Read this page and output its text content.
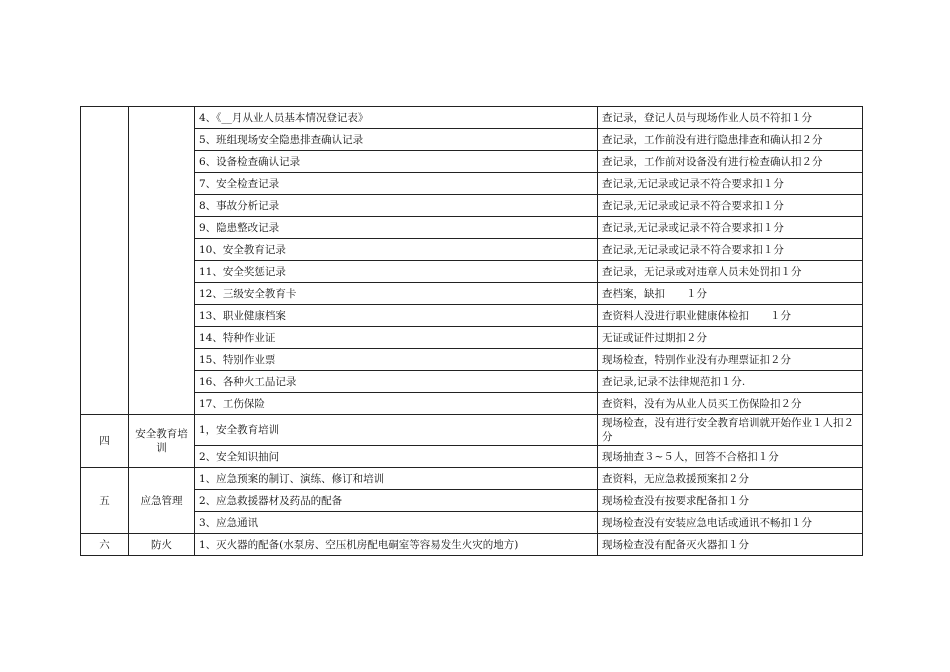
		4、《__月从业人员基本情况登记表》	查记录，登记人员与现场作业人员不符扣１分
		5、班组现场安全隐患排查确认记录	查记录，工作前没有进行隐患排查和确认扣２分
		6、设备检查确认记录	查记录，工作前对设备没有进行检查确认扣２分
		7、安全检查记录	查记录,无记录或记录不符合要求扣１分
		8、事故分析记录	查记录,无记录或记录不符合要求扣１分
		9、隐患整改记录	查记录,无记录或记录不符合要求扣１分
		10、安全教育记录	查记录,无记录或记录不符合要求扣１分
		11、安全奖惩记录	查记录，无记录或对违章人员未处罚扣１分
		12、三级安全教育卡	查档案，缺扣　　１分
		13、职业健康档案	查资料人没进行职业健康体检扣　　１分
		14、特种作业证	无证或证件过期扣２分
		15、特别作业票	现场检查，特别作业没有办理票证扣２分
		16、各种火工品记录	查记录,记录不法律规范扣１分.
		17、工伤保险	查资料，没有为从业人员买工伤保险扣２分
四	安全教育培训	1，安全教育培训	现场检查，没有进行安全教育培训就开始作业１人扣２分
		2、安全知识抽问	现场抽查３~５人，回答不合格扣１分
五	应急管理	1、应急预案的制订、演练、修订和培训	查资料，无应急救援预案扣２分
		2、应急救援器材及药品的配备	现场检查没有按要求配备扣１分
		3、应急通讯	现场检查没有安装应急电话或通讯不畅扣１分
六	防火	1、灭火器的配备(水泵房、空压机房配电硐室等容易发生火灾的地方)	现场检查没有配备灭火器扣１分
